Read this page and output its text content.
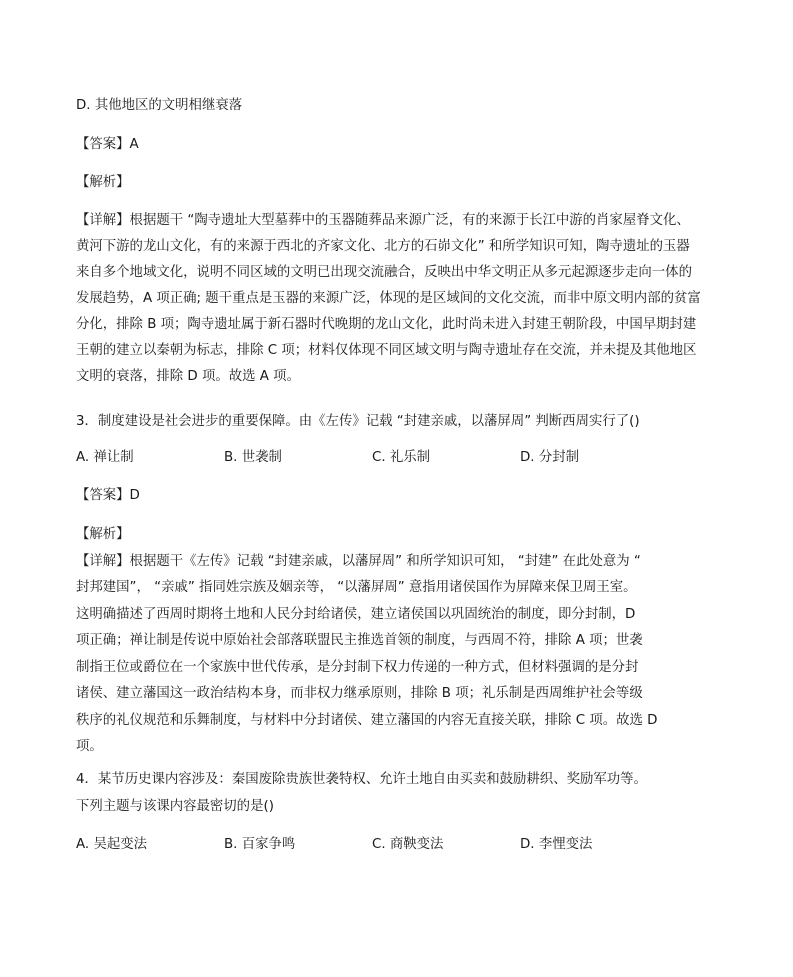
D. 其他地区的文明相继衰落
【答案】A
【解析】
【详解】根据题干 “陶寺遗址大型墓葬中的玉器随葬品来源广泛，有的来源于长江中游的肖家屋脊文化、
黄河下游的龙山文化，有的来源于西北的齐家文化、北方的石峁文化” 和所学知识可知，陶寺遗址的玉器
来自多个地域文化，说明不同区域的文明已出现交流融合，反映出中华文明正从多元起源逐步走向一体的
发展趋势，A 项正确; 题干重点是玉器的来源广泛，体现的是区域间的文化交流，而非中原文明内部的贫富
分化，排除 B 项；陶寺遗址属于新石器时代晚期的龙山文化，此时尚未进入封建王朝阶段，中国早期封建
王朝的建立以秦朝为标志，排除 C 项；材料仅体现不同区域文明与陶寺遗址存在交流，并未提及其他地区
文明的衰落，排除 D 项。故选 A 项。
3．制度建设是社会进步的重要保障。由《左传》记载 “封建亲戚，以藩屏周” 判断西周实行了()
A. 禅让制	B. 世袭制	C. 礼乐制	D. 分封制
【答案】D
【解析】
【详解】根据题干《左传》记载 “封建亲戚，以藩屏周” 和所学知识可知， “封建” 在此处意为 “
封邦建国”， “亲戚” 指同姓宗族及姻亲等， “以藩屏周” 意指用诸侯国作为屏障来保卫周王室。
这明确描述了西周时期将土地和人民分封给诸侯，建立诸侯国以巩固统治的制度，即分封制，D
项正确；禅让制是传说中原始社会部落联盟民主推选首领的制度，与西周不符，排除 A 项；世袭
制指王位或爵位在一个家族中世代传承，是分封制下权力传递的一种方式，但材料强调的是分封
诸侯、建立藩国这一政治结构本身，而非权力继承原则，排除 B 项；礼乐制是西周维护社会等级
秩序的礼仪规范和乐舞制度，与材料中分封诸侯、建立藩国的内容无直接关联，排除 C 项。故选 D
项。
4．某节历史课内容涉及：秦国废除贵族世袭特权、允许土地自由买卖和鼓励耕织、奖励军功等。
下列主题与该课内容最密切的是()
A. 吴起变法	B. 百家争鸣	C. 商鞅变法	D. 李悝变法
